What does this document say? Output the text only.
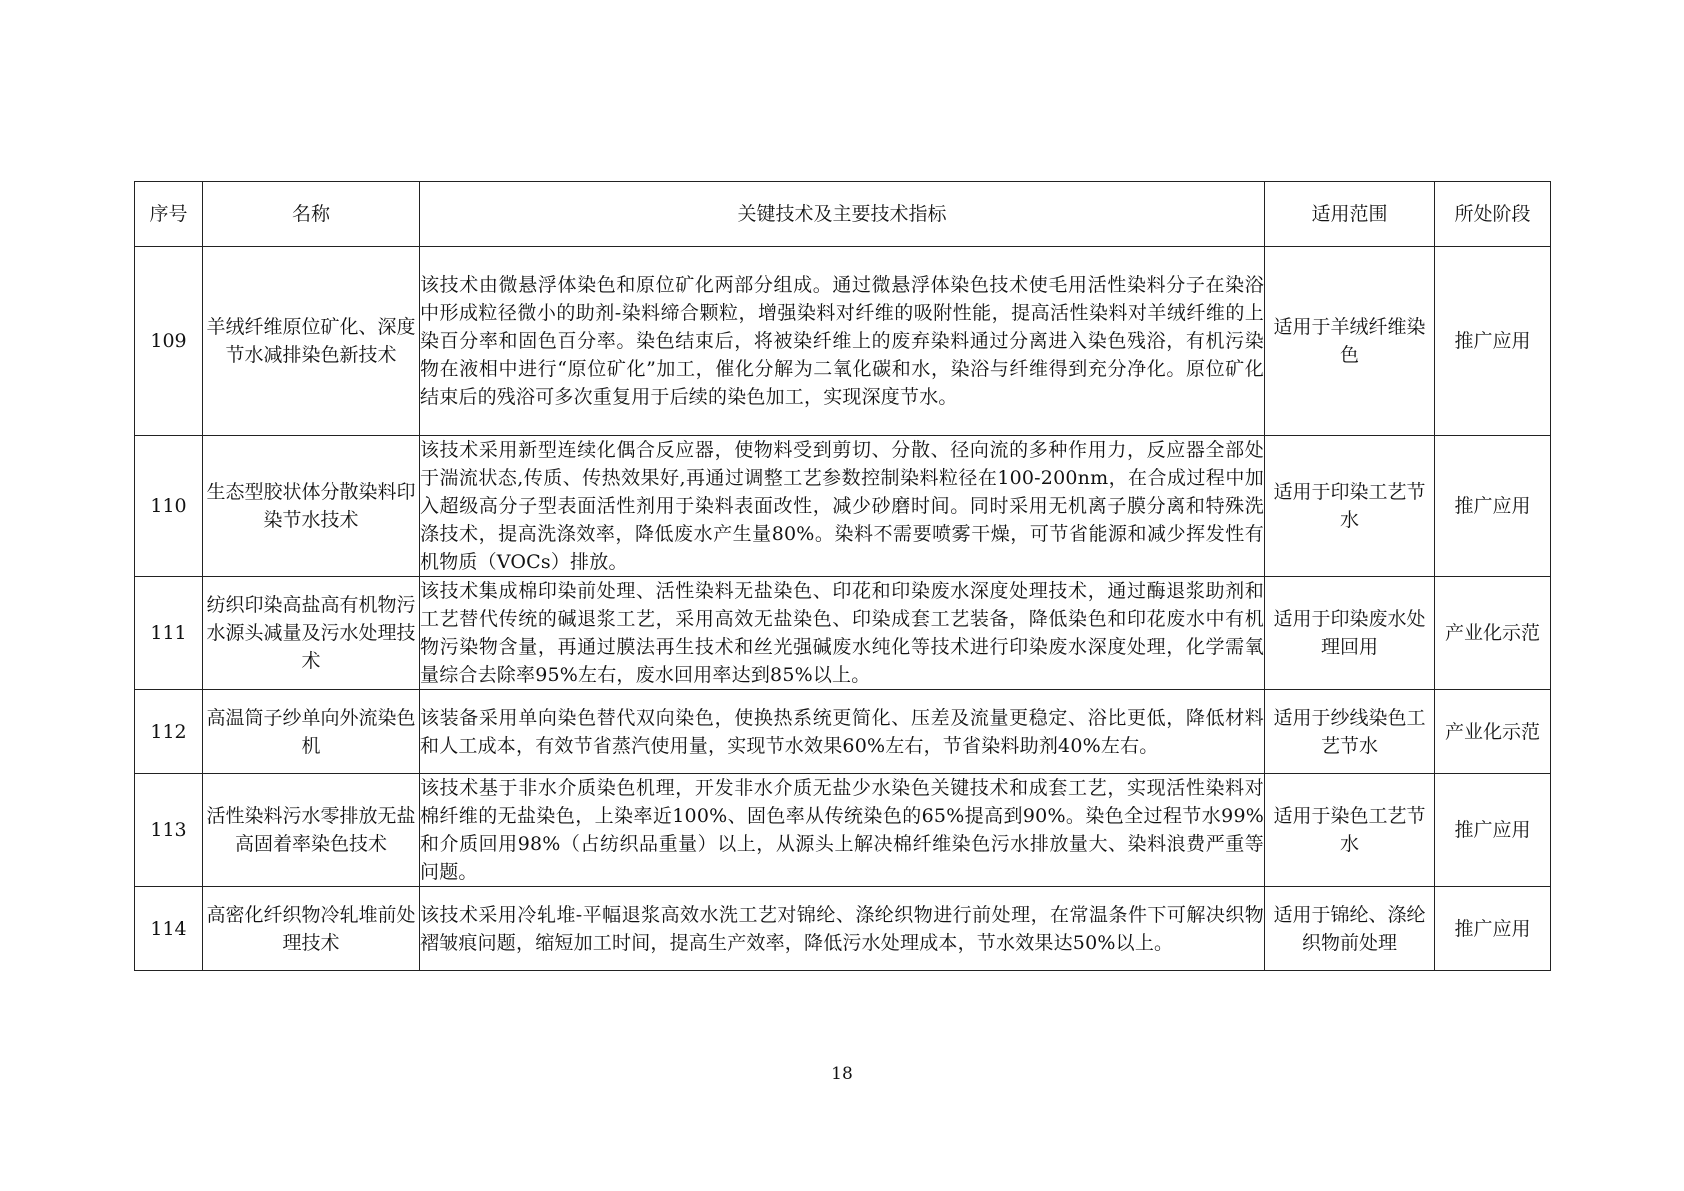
序号	名称	关键技术及主要技术指标	适用范围	所处阶段
109	羊绒纤维原位矿化、深度节水减排染色新技术	该技术由微悬浮体染色和原位矿化两部分组成。通过微悬浮体染色技术使毛用活性染料分子在染浴中形成粒径微小的助剂-染料缔合颗粒，增强染料对纤维的吸附性能，提高活性染料对羊绒纤维的上染百分率和固色百分率。染色结束后，将被染纤维上的废弃染料通过分离进入染色残浴，有机污染物在液相中进行“原位矿化”加工，催化分解为二氧化碳和水，染浴与纤维得到充分净化。原位矿化结束后的残浴可多次重复用于后续的染色加工，实现深度节水。	适用于羊绒纤维染色	推广应用
110	生态型胶状体分散染料印染节水技术	该技术采用新型连续化偶合反应器，使物料受到剪切、分散、径向流的多种作用力，反应器全部处于湍流状态,传质、传热效果好,再通过调整工艺参数控制染料粒径在100-200nm，在合成过程中加入超级高分子型表面活性剂用于染料表面改性，减少砂磨时间。同时采用无机离子膜分离和特殊洗涤技术，提高洗涤效率，降低废水产生量80%。染料不需要喷雾干燥，可节省能源和减少挥发性有机物质（VOCs）排放。	适用于印染工艺节水	推广应用
111	纺织印染高盐高有机物污水源头减量及污水处理技术	该技术集成棉印染前处理、活性染料无盐染色、印花和印染废水深度处理技术，通过酶退浆助剂和工艺替代传统的碱退浆工艺，采用高效无盐染色、印染成套工艺装备，降低染色和印花废水中有机物污染物含量，再通过膜法再生技术和丝光强碱废水纯化等技术进行印染废水深度处理，化学需氧量综合去除率95%左右，废水回用率达到85%以上。	适用于印染废水处理回用	产业化示范
112	高温筒子纱单向外流染色机	该装备采用单向染色替代双向染色，使换热系统更简化、压差及流量更稳定、浴比更低，降低材料和人工成本，有效节省蒸汽使用量，实现节水效果60%左右，节省染料助剂40%左右。	适用于纱线染色工艺节水	产业化示范
113	活性染料污水零排放无盐高固着率染色技术	该技术基于非水介质染色机理，开发非水介质无盐少水染色关键技术和成套工艺，实现活性染料对棉纤维的无盐染色，上染率近100%、固色率从传统染色的65%提高到90%。染色全过程节水99%和介质回用98%（占纺织品重量）以上，从源头上解决棉纤维染色污水排放量大、染料浪费严重等问题。	适用于染色工艺节水	推广应用
114	高密化纤织物冷轧堆前处理技术	该技术采用冷轧堆-平幅退浆高效水洗工艺对锦纶、涤纶织物进行前处理，在常温条件下可解决织物褶皱痕问题，缩短加工时间，提高生产效率，降低污水处理成本，节水效果达50%以上。	适用于锦纶、涤纶织物前处理	推广应用
18
